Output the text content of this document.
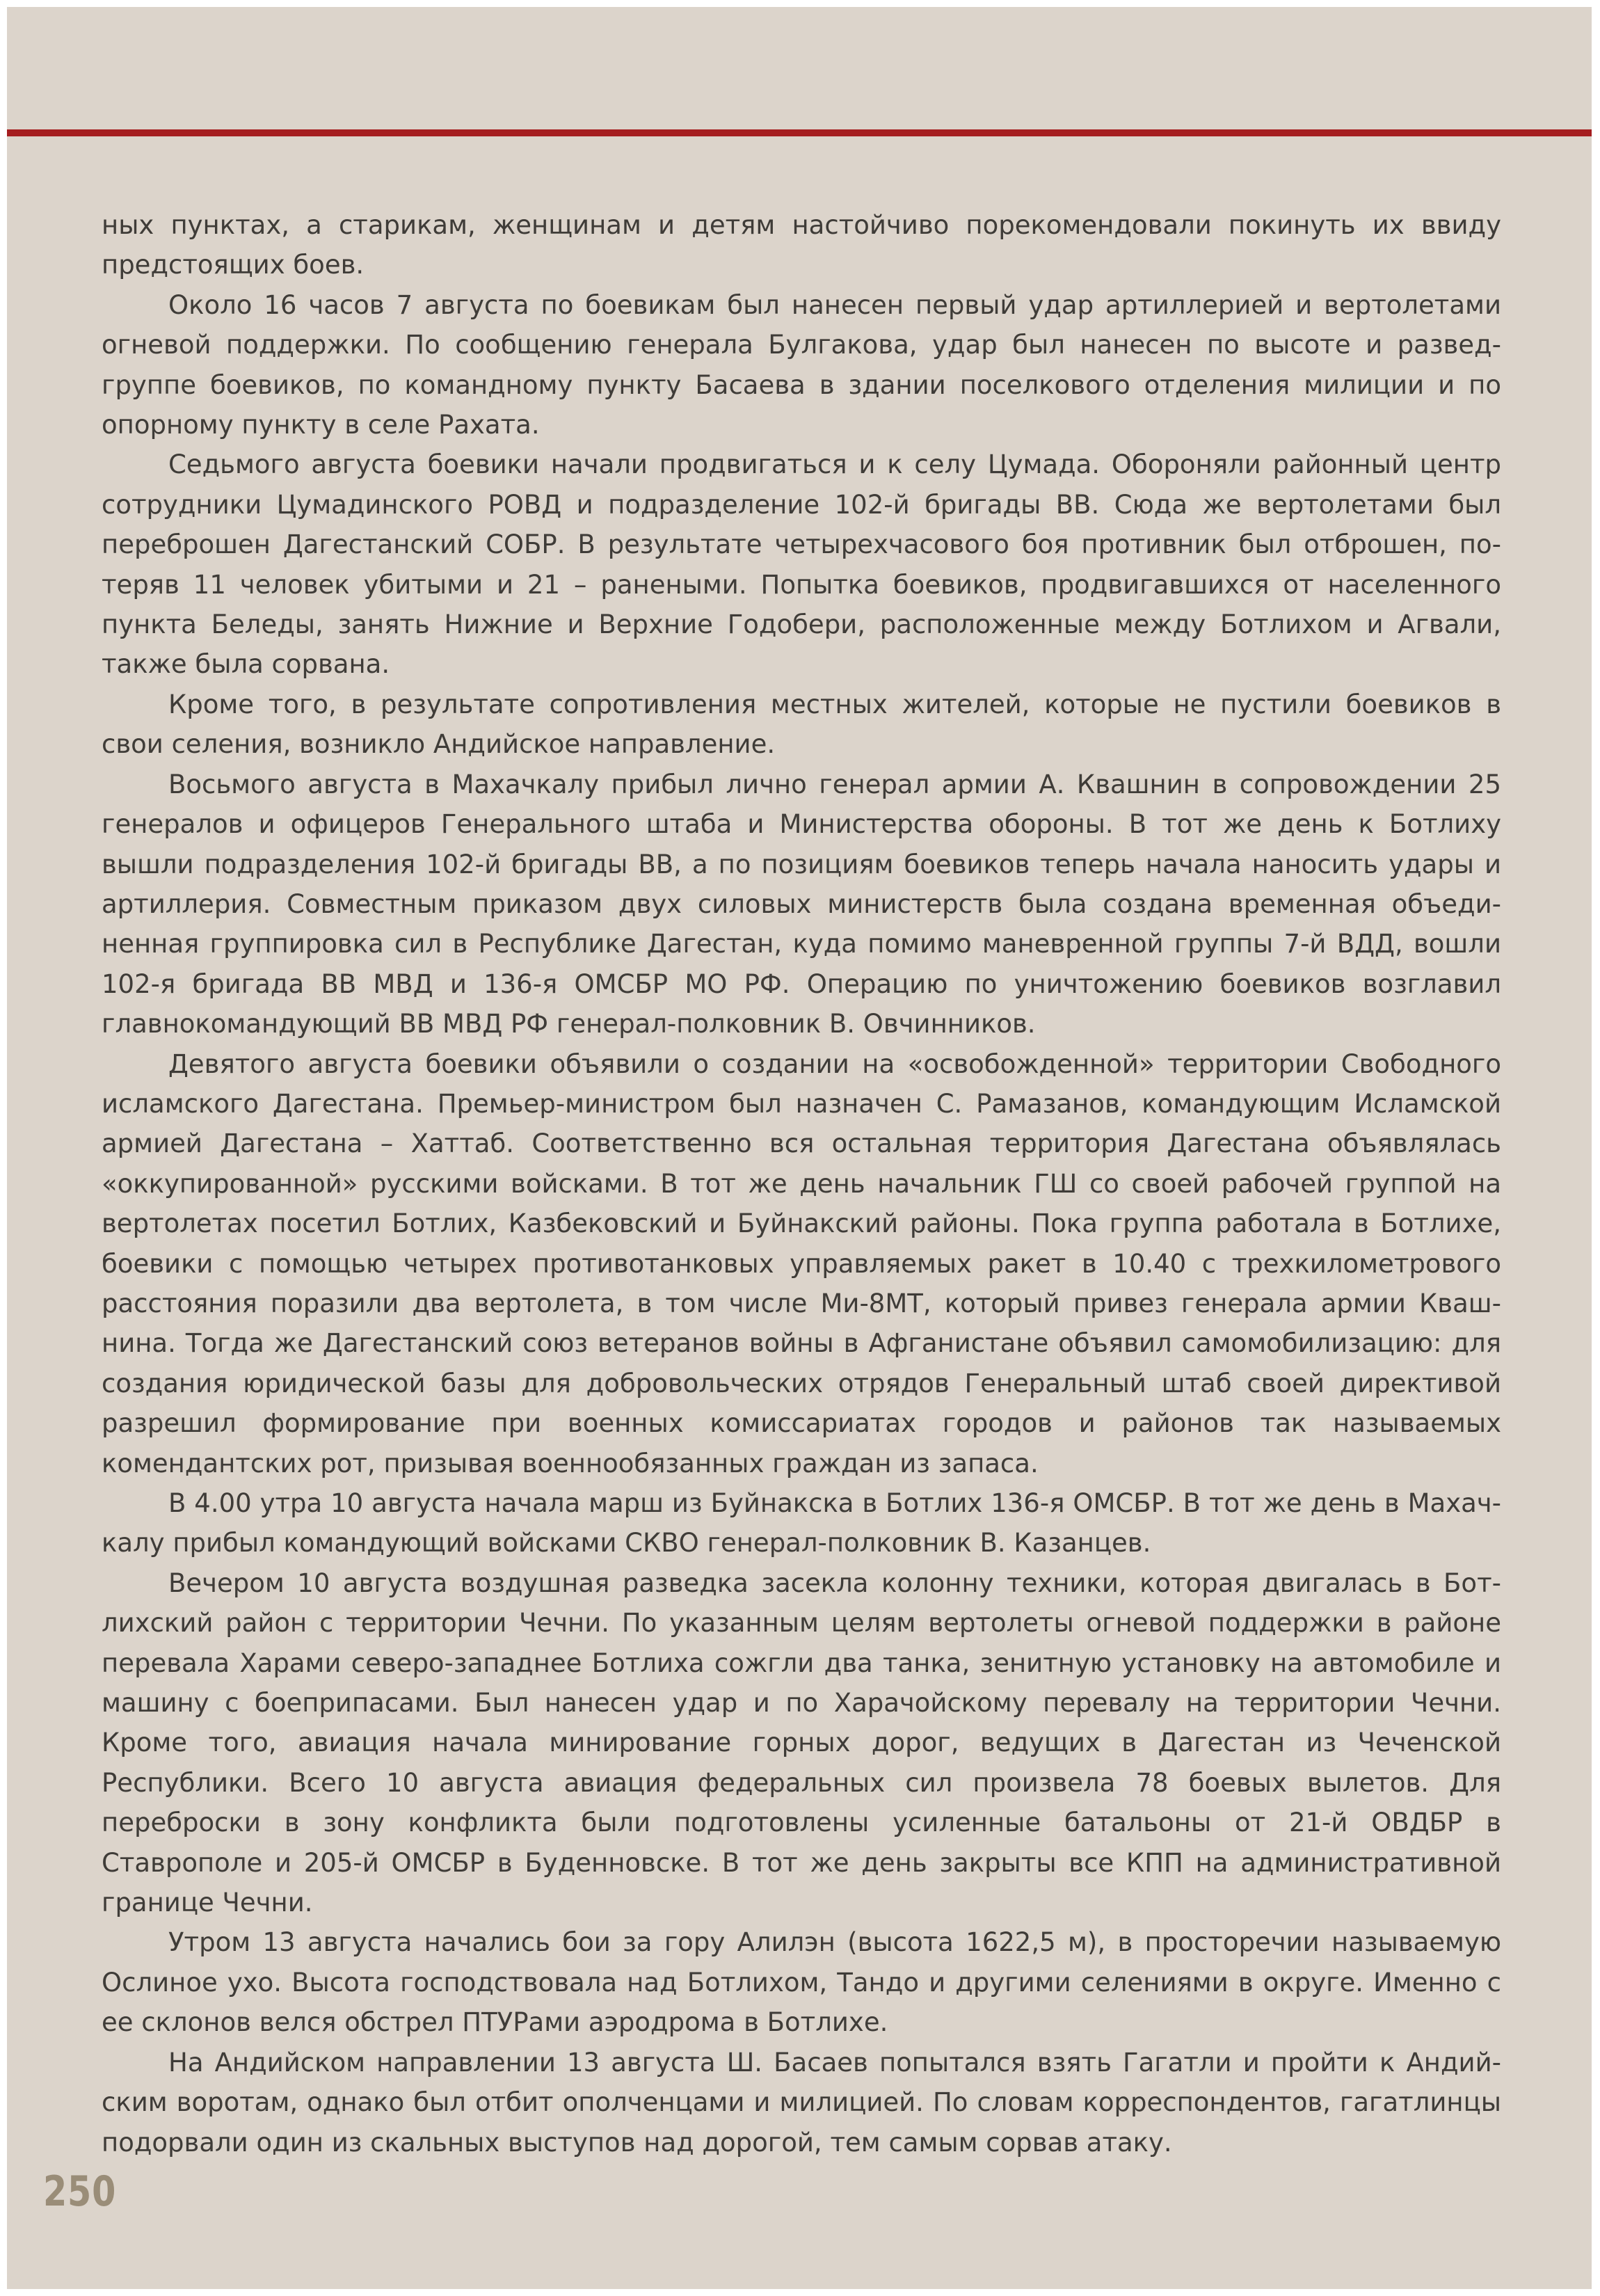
ных пунктах, а старикам, женщинам и детям настойчиво порекомендовали покинуть их ввиду предстоящих боев.

Около 16 часов 7 августа по боевикам был нанесен первый удар артиллерией и вертолетами огневой поддержки. По сообщению генерала Булгакова, удар был нанесен по высоте и разведгруппе боевиков, по командному пункту Басаева в здании поселкового отделения милиции и по опорному пункту в селе Рахата.

Седьмого августа боевики начали продвигаться и к селу Цумада. Обороняли районный центр сотрудники Цумадинского РОВД и подразделение 102-й бригады ВВ. Сюда же вертолетами был переброшен Дагестанский СОБР. В результате четырехчасового боя противник был отброшен, потеряв 11 человек убитыми и 21 – ранеными. Попытка боевиков, продвигавшихся от населенного пункта Беледы, занять Нижние и Верхние Годобери, расположенные между Ботлихом и Агвали, также была сорвана.

Кроме того, в результате сопротивления местных жителей, которые не пустили боевиков в свои селения, возникло Андийское направление.

Восьмого августа в Махачкалу прибыл лично генерал армии А. Квашнин в сопровождении 25 генералов и офицеров Генерального штаба и Министерства обороны. В тот же день к Ботлиху вышли подразделения 102-й бригады ВВ, а по позициям боевиков теперь начала наносить удары и артиллерия. Совместным приказом двух силовых министерств была создана временная объединенная группировка сил в Республике Дагестан, куда помимо маневренной группы 7-й ВДД, вошли 102-я бригада ВВ МВД и 136-я ОМСБР МО РФ. Операцию по уничтожению боевиков возглавил главнокомандующий ВВ МВД РФ генерал-полковник В. Овчинников.

Девятого августа боевики объявили о создании на «освобожденной» территории Свободного исламского Дагестана. Премьер-министром был назначен С. Рамазанов, командующим Исламской армией Дагестана – Хаттаб. Соответственно вся остальная территория Дагестана объявлялась «оккупированной» русскими войсками. В тот же день начальник ГШ со своей рабочей группой на вертолетах посетил Ботлих, Казбековский и Буйнакский районы. Пока группа работала в Ботлихе, боевики с помощью четырех противотанковых управляемых ракет в 10.40 с трехкилометрового расстояния поразили два вертолета, в том числе Ми-8МТ, который привез генерала армии Квашнина. Тогда же Дагестанский союз ветеранов войны в Афганистане объявил самомобилизацию: для создания юридической базы для добровольческих отрядов Генеральный штаб своей директивой разрешил формирование при военных комиссариатах городов и районов так называемых комендантских рот, призывая военнообязанных граждан из запаса.

В 4.00 утра 10 августа начала марш из Буйнакска в Ботлих 136-я ОМСБР. В тот же день в Махачкалу прибыл командующий войсками СКВО генерал-полковник В. Казанцев.

Вечером 10 августа воздушная разведка засекла колонну техники, которая двигалась в Ботлихский район с территории Чечни. По указанным целям вертолеты огневой поддержки в районе перевала Харами северо-западнее Ботлиха сожгли два танка, зенитную установку на автомобиле и машину с боеприпасами. Был нанесен удар и по Харачойскому перевалу на территории Чечни. Кроме того, авиация начала минирование горных дорог, ведущих в Дагестан из Чеченской Республики. Всего 10 августа авиация федеральных сил произвела 78 боевых вылетов. Для переброски в зону конфликта были подготовлены усиленные батальоны от 21-й ОВДБР в Ставрополе и 205-й ОМСБР в Буденновске. В тот же день закрыты все КПП на административной границе Чечни.

Утром 13 августа начались бои за гору Алилэн (высота 1622,5 м), в просторечии называемую Ослиное ухо. Высота господствовала над Ботлихом, Тандо и другими селениями в округе. Именно с ее склонов велся обстрел ПТУРами аэродрома в Ботлихе.

На Андийском направлении 13 августа Ш. Басаев попытался взять Гагатли и пройти к Андийским воротам, однако был отбит ополченцами и милицией. По словам корреспондентов, гагатлинцы подорвали один из скальных выступов над дорогой, тем самым сорвав атаку.

250
